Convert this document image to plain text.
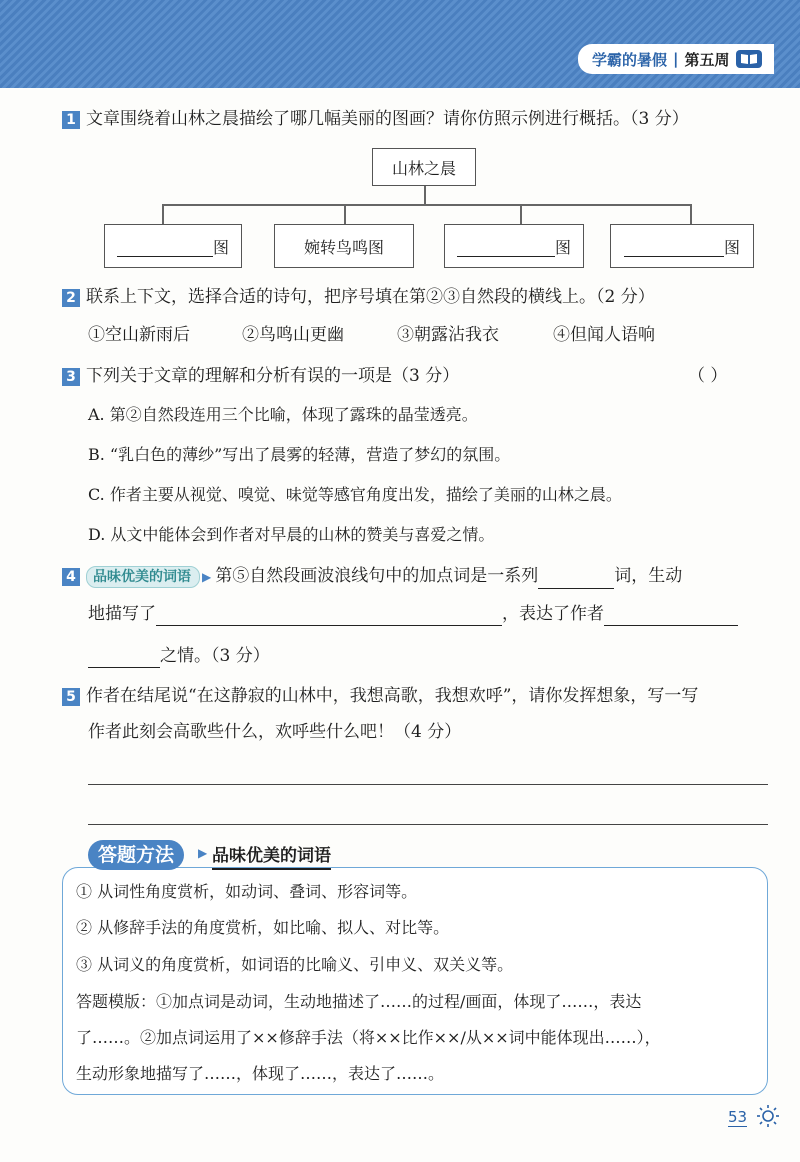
学霸的暑假 | 第五周
1 文章围绕着山林之晨描绘了哪几幅美丽的图画？请你仿照示例进行概括。（3 分）
山林之晨
图	婉转鸟鸣图	图	图
2 联系上下文，选择合适的诗句，把序号填在第②③自然段的横线上。（2 分）
①空山新雨后	②鸟鸣山更幽	③朝露沾我衣	④但闻人语响
3 下列关于文章的理解和分析有误的一项是（3 分）	（ ）
A. 第②自然段连用三个比喻，体现了露珠的晶莹透亮。
B. “乳白色的薄纱”写出了晨雾的轻薄，营造了梦幻的氛围。
C. 作者主要从视觉、嗅觉、味觉等感官角度出发，描绘了美丽的山林之晨。
D. 从文中能体会到作者对早晨的山林的赞美与喜爱之情。
4 品味优美的词语 ▶ 第⑤自然段画波浪线句中的加点词是一系列	词，生动
地描写了	，表达了作者
之情。（3 分）
5 作者在结尾说“在这静寂的山林中，我想高歌，我想欢呼”，请你发挥想象，写一写
作者此刻会高歌些什么，欢呼些什么吧！（4 分）
答题方法	▶ 品味优美的词语
① 从词性角度赏析，如动词、叠词、形容词等。
② 从修辞手法的角度赏析，如比喻、拟人、对比等。
③ 从词义的角度赏析，如词语的比喻义、引申义、双关义等。
答题模版：①加点词是动词，生动地描述了……的过程/画面，体现了……，表达
了……。②加点词运用了××修辞手法（将××比作××/从××词中能体现出……），
生动形象地描写了……，体现了……，表达了……。
53
